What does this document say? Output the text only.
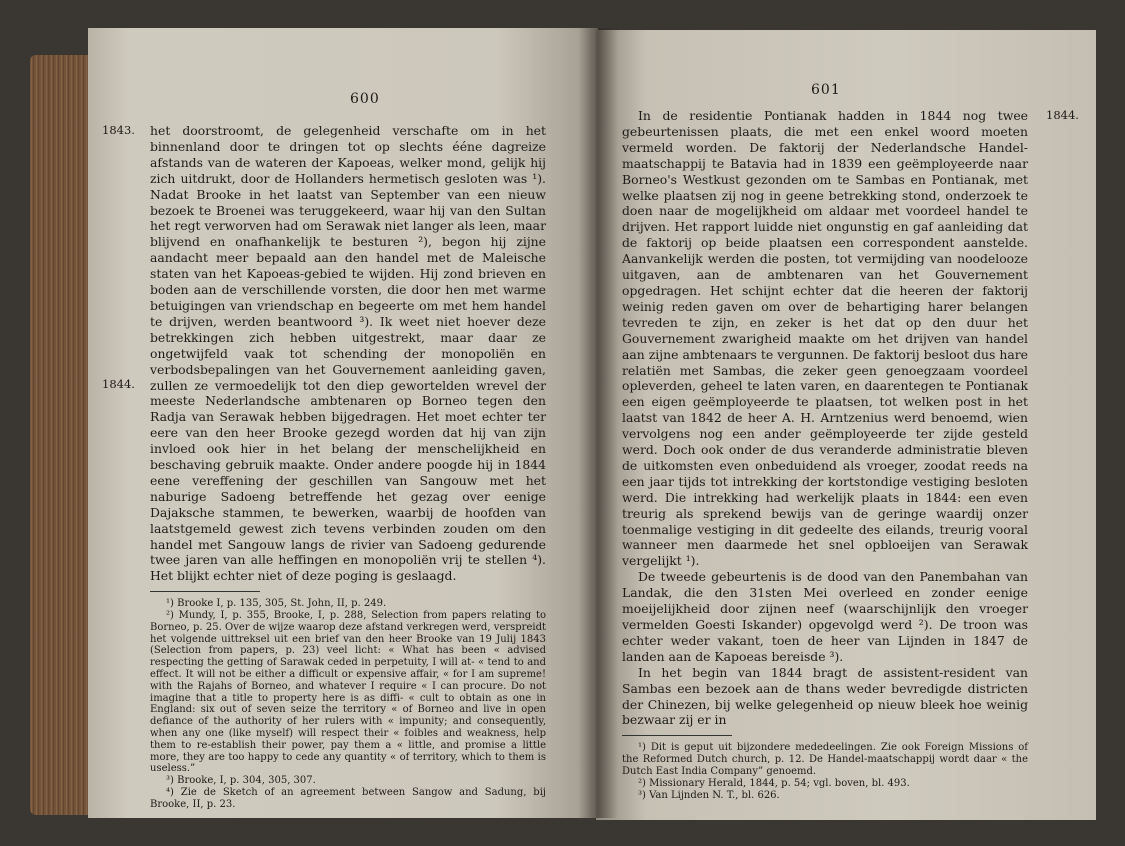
600
1843.
1844.

het doorstroomt, de gelegenheid verschafte om in het binnenland door te dringen tot op slechts ééne dagreize afstands van de wateren der Kapoeas, welker mond, gelijk hij zich uitdrukt, door de Hollanders hermetisch gesloten was ¹). Nadat Brooke in het laatst van September van een nieuw bezoek te Broenei was teruggekeerd, waar hij van den Sultan het regt verworven had om Serawak niet langer als leen, maar blijvend en onafhankelijk te besturen ²), begon hij zijne aandacht meer bepaald aan den handel met de Maleische staten van het Kapoeas-gebied te wijden. Hij zond brieven en boden aan de verschillende vorsten, die door hen met warme betuigingen van vriendschap en begeerte om met hem handel te drijven, werden beantwoord ³). Ik weet niet hoever deze betrekkingen zich hebben uitgestrekt, maar daar ze ongetwijfeld vaak tot schending der monopoliën en verbodsbepalingen van het Gouvernement aanleiding gaven, zullen ze vermoedelijk tot den diep gewortelden wrevel der meeste Nederlandsche ambtenaren op Borneo tegen den Radja van Serawak hebben bijgedragen. Het moet echter ter eere van den heer Brooke gezegd worden dat hij van zijn invloed ook hier in het belang der menschelijkheid en beschaving gebruik maakte. Onder andere poogde hij in 1844 eene vereffening der geschillen van Sangouw met het naburige Sadoeng betreffende het gezag over eenige Dajaksche stammen, te bewerken, waarbij de hoofden van laatstgemeld gewest zich tevens verbinden zouden om den handel met Sangouw langs de rivier van Sadoeng gedurende twee jaren van alle heffingen en monopoliën vrij te stellen ⁴). Het blijkt echter niet of deze poging is geslaagd.

¹) Brooke I, p. 135, 305, St. John, II, p. 249.

²) Mundy, I, p. 355, Brooke, I, p. 288, Selection from papers relating to Borneo, p. 25. Over de wijze waarop deze afstand verkregen werd, verspreidt het volgende uittreksel uit een brief van den heer Brooke van 19 Julij 1843 (Selection from papers, p. 23) veel licht: « What has been « advised respecting the getting of Sarawak ceded in perpetuity, I will at- « tend to and effect. It will not be either a difficult or expensive affair, « for I am supreme! with the Rajahs of Borneo, and whatever I require « I can procure. Do not imagine that a title to property here is as diffi- « cult to obtain as one in England: six out of seven seize the territory « of Borneo and live in open defiance of the authority of her rulers with « impunity; and consequently, when any one (like myself) will respect their « foibles and weakness, help them to re-establish their power, pay them a « little, and promise a little more, they are too happy to cede any quantity « of territory, which to them is useless.”

³) Brooke, I, p. 304, 305, 307.

⁴) Zie de Sketch of an agreement between Sangow and Sadung, bij Brooke, II, p. 23.

601
1844.

In de residentie Pontianak hadden in 1844 nog twee gebeurtenissen plaats, die met een enkel woord moeten vermeld worden. De faktorij der Nederlandsche Handel-maatschappij te Batavia had in 1839 een geëmployeerde naar Borneo's Westkust gezonden om te Sambas en Pontianak, met welke plaatsen zij nog in geene betrekking stond, onderzoek te doen naar de mogelijkheid om aldaar met voordeel handel te drijven. Het rapport luidde niet ongunstig en gaf aanleiding dat de faktorij op beide plaatsen een correspondent aanstelde. Aanvankelijk werden die posten, tot vermijding van noodelooze uitgaven, aan de ambtenaren van het Gouvernement opgedragen. Het schijnt echter dat die heeren der faktorij weinig reden gaven om over de behartiging harer belangen tevreden te zijn, en zeker is het dat op den duur het Gouvernement zwarigheid maakte om het drijven van handel aan zijne ambtenaars te vergunnen. De faktorij besloot dus hare relatiën met Sambas, die zeker geen genoegzaam voordeel opleverden, geheel te laten varen, en daarentegen te Pontianak een eigen geëmployeerde te plaatsen, tot welken post in het laatst van 1842 de heer A. H. Arntzenius werd benoemd, wien vervolgens nog een ander geëmployeerde ter zijde gesteld werd. Doch ook onder de dus veranderde administratie bleven de uitkomsten even onbeduidend als vroeger, zoodat reeds na een jaar tijds tot intrekking der kortstondige vestiging besloten werd. Die intrekking had werkelijk plaats in 1844: een even treurig als sprekend bewijs van de geringe waardij onzer toenmalige vestiging in dit gedeelte des eilands, treurig vooral wanneer men daarmede het snel opbloeijen van Serawak vergelijkt ¹).

De tweede gebeurtenis is de dood van den Panembahan van Landak, die den 31sten Mei overleed en zonder eenige moeijelijkheid door zijnen neef (waarschijnlijk den vroeger vermelden Goesti Iskander) opgevolgd werd ²). De troon was echter weder vakant, toen de heer van Lijnden in 1847 de landen aan de Kapoeas bereisde ³).

In het begin van 1844 bragt de assistent-resident van Sambas een bezoek aan de thans weder bevredigde districten der Chinezen, bij welke gelegenheid op nieuw bleek hoe weinig bezwaar zij er in

¹) Dit is geput uit bijzondere mededeelingen. Zie ook Foreign Missions of the Reformed Dutch church, p. 12. De Handel-maatschappij wordt daar « the Dutch East India Company” genoemd.

²) Missionary Herald, 1844, p. 54; vgl. boven, bl. 493.

³) Van Lijnden N. T., bl. 626.
